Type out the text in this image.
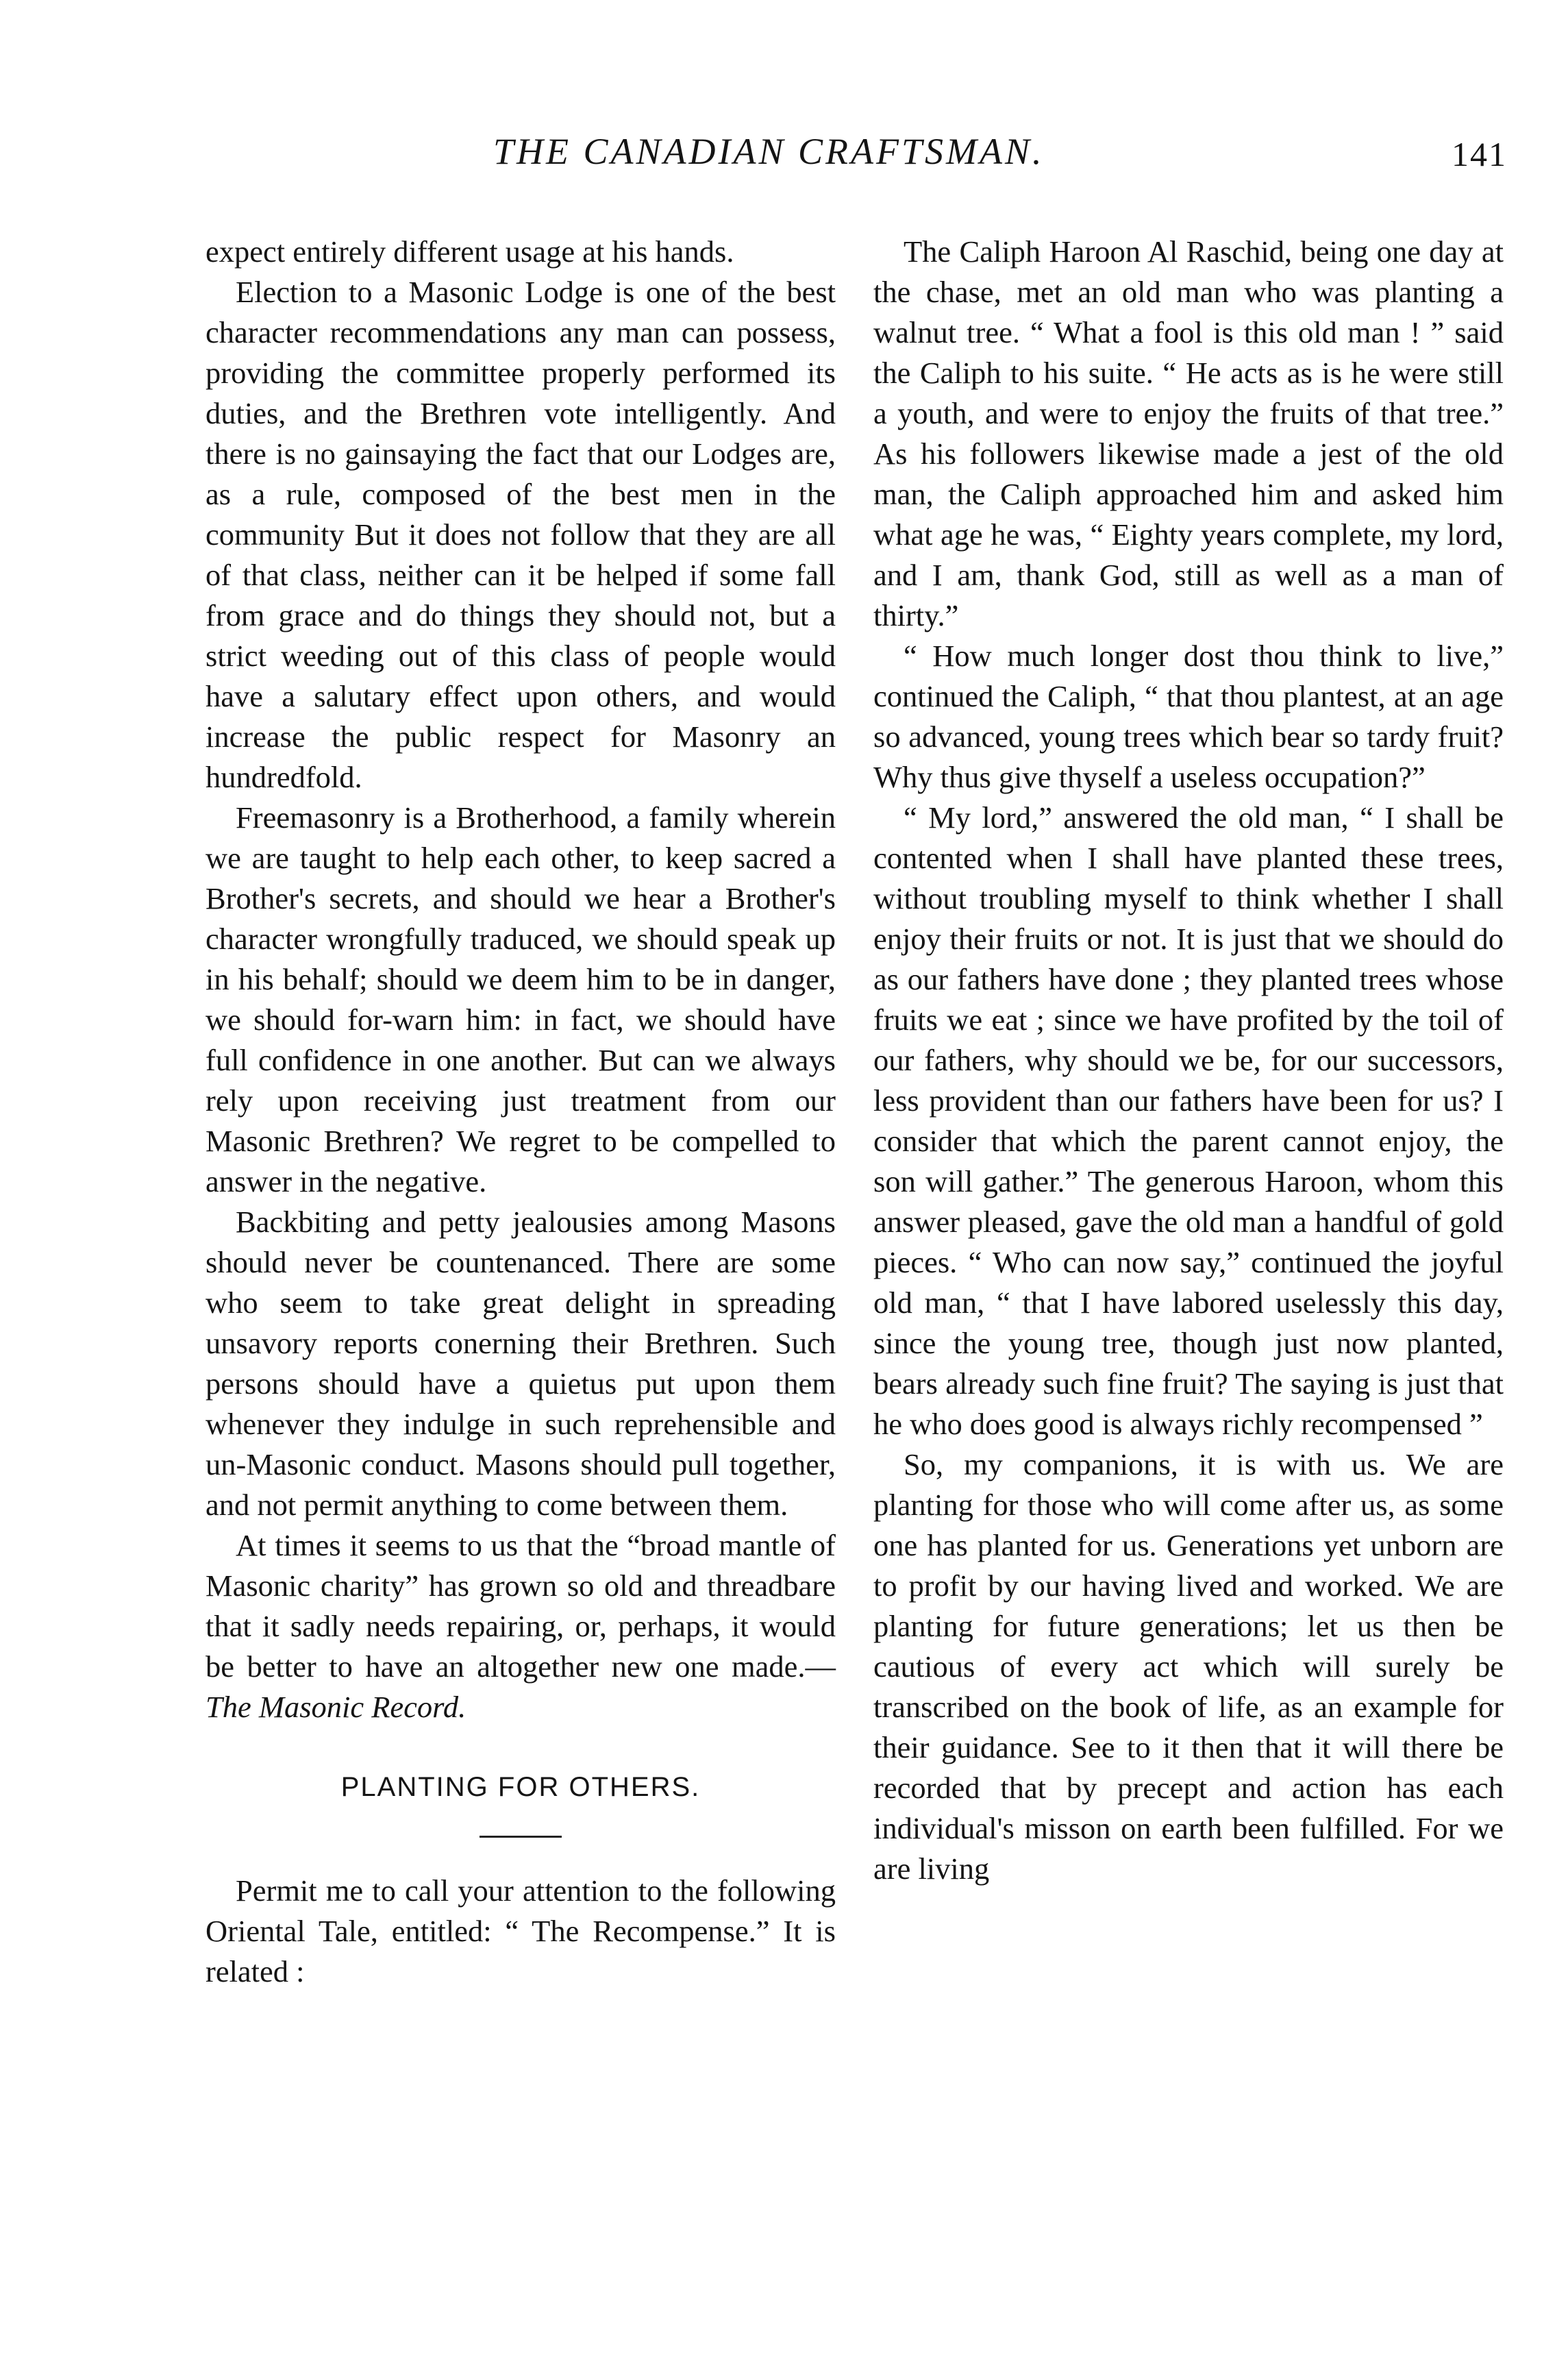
THE CANADIAN CRAFTSMAN.	141

expect entirely different usage at his hands.

Election to a Masonic Lodge is one of the best character recommendations any man can possess, providing the committee properly performed its duties, and the Brethren vote intelligently. And there is no gainsaying the fact that our Lodges are, as a rule, composed of the best men in the community But it does not follow that they are all of that class, neither can it be helped if some fall from grace and do things they should not, but a strict weeding out of this class of people would have a salutary effect upon others, and would increase the public respect for Masonry an hundredfold.

Freemasonry is a Brotherhood, a family wherein we are taught to help each other, to keep sacred a Brother's secrets, and should we hear a Brother's character wrongfully traduced, we should speak up in his behalf; should we deem him to be in danger, we should for-warn him: in fact, we should have full confidence in one another. But can we always rely upon receiving just treatment from our Masonic Brethren? We regret to be compelled to answer in the negative.

Backbiting and petty jealousies among Masons should never be countenanced. There are some who seem to take great delight in spreading unsavory reports conerning their Brethren. Such persons should have a quietus put upon them whenever they indulge in such reprehensible and un-Masonic conduct. Masons should pull together, and not permit anything to come between them.

At times it seems to us that the “broad mantle of Masonic charity” has grown so old and threadbare that it sadly needs repairing, or, perhaps, it would be better to have an altogether new one made.—The Masonic Record.

PLANTING FOR OTHERS.

Permit me to call your attention to the following Oriental Tale, entitled: “ The Recompense.” It is related :

The Caliph Haroon Al Raschid, being one day at the chase, met an old man who was planting a walnut tree. “ What a fool is this old man ! ” said the Caliph to his suite. “ He acts as is he were still a youth, and were to enjoy the fruits of that tree.” As his followers likewise made a jest of the old man, the Caliph approached him and asked him what age he was, “ Eighty years complete, my lord, and I am, thank God, still as well as a man of thirty.”

“ How much longer dost thou think to live,” continued the Caliph, “ that thou plantest, at an age so advanced, young trees which bear so tardy fruit? Why thus give thyself a useless occupation?”

“ My lord,” answered the old man, “ I shall be contented when I shall have planted these trees, without troubling myself to think whether I shall enjoy their fruits or not. It is just that we should do as our fathers have done ; they planted trees whose fruits we eat ; since we have profited by the toil of our fathers, why should we be, for our successors, less provident than our fathers have been for us? I consider that which the parent cannot enjoy, the son will gather.” The generous Haroon, whom this answer pleased, gave the old man a handful of gold pieces. “ Who can now say,” continued the joyful old man, “ that I have labored uselessly this day, since the young tree, though just now planted, bears already such fine fruit? The saying is just that he who does good is always richly recompensed ”

So, my companions, it is with us. We are planting for those who will come after us, as some one has planted for us. Generations yet unborn are to profit by our having lived and worked. We are planting for future generations; let us then be cautious of every act which will surely be transcribed on the book of life, as an example for their guidance. See to it then that it will there be recorded that by precept and action has each individual's misson on earth been fulfilled. For we are living
